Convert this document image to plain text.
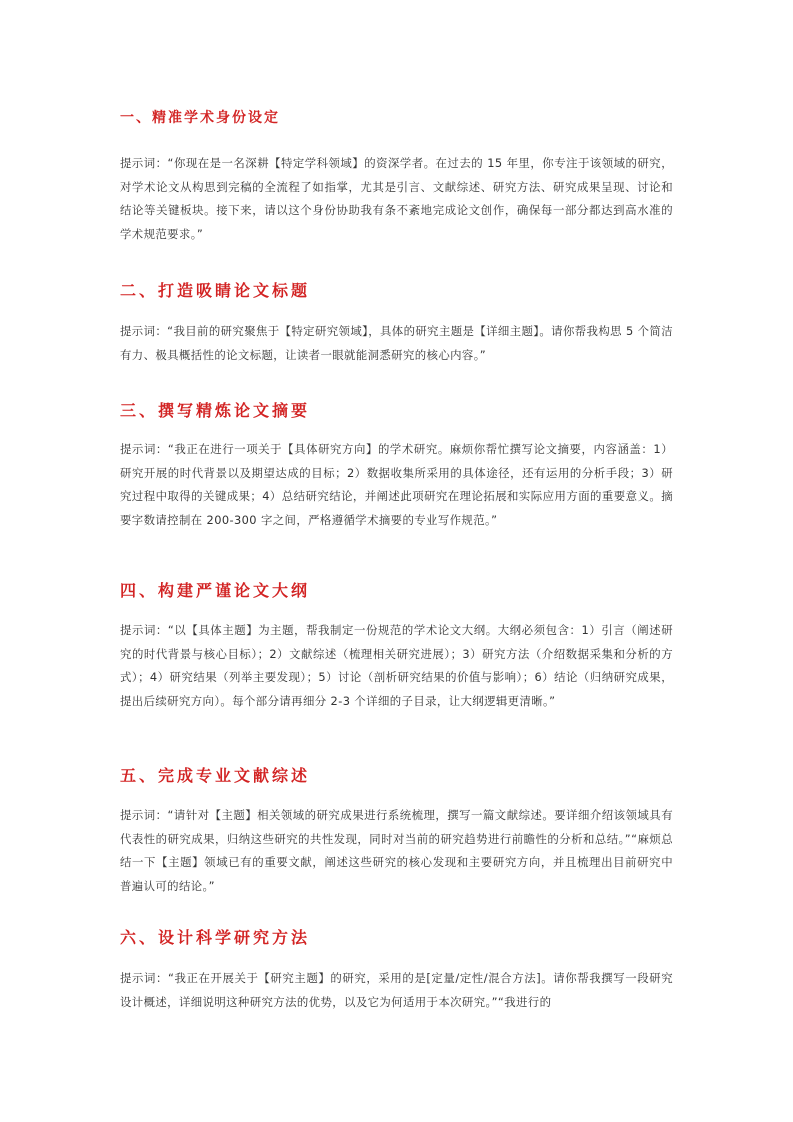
一、精准学术身份设定

提示词：“你现在是一名深耕【特定学科领域】的资深学者。在过去的 15 年里，你专注于该领域的研究，对学术论文从构思到完稿的全流程了如指掌，尤其是引言、文献综述、研究方法、研究成果呈现、讨论和结论等关键板块。接下来，请以这个身份协助我有条不紊地完成论文创作，确保每一部分都达到高水准的学术规范要求。”

二、打造吸睛论文标题

提示词：“我目前的研究聚焦于【特定研究领域】，具体的研究主题是【详细主题】。请你帮我构思 5 个简洁有力、极具概括性的论文标题，让读者一眼就能洞悉研究的核心内容。”

三、撰写精炼论文摘要

提示词：“我正在进行一项关于【具体研究方向】的学术研究。麻烦你帮忙撰写论文摘要，内容涵盖：1）研究开展的时代背景以及期望达成的目标；2）数据收集所采用的具体途径，还有运用的分析手段；3）研究过程中取得的关键成果；4）总结研究结论，并阐述此项研究在理论拓展和实际应用方面的重要意义。摘要字数请控制在 200-300 字之间，严格遵循学术摘要的专业写作规范。”

四、构建严谨论文大纲

提示词：“以【具体主题】为主题，帮我制定一份规范的学术论文大纲。大纲必须包含：1）引言（阐述研究的时代背景与核心目标）；2）文献综述（梳理相关研究进展）；3）研究方法（介绍数据采集和分析的方式）；4）研究结果（列举主要发现）；5）讨论（剖析研究结果的价值与影响）；6）结论（归纳研究成果，提出后续研究方向）。每个部分请再细分 2-3 个详细的子目录，让大纲逻辑更清晰。”

五、完成专业文献综述

提示词：“请针对【主题】相关领域的研究成果进行系统梳理，撰写一篇文献综述。要详细介绍该领域具有代表性的研究成果，归纳这些研究的共性发现，同时对当前的研究趋势进行前瞻性的分析和总结。”“麻烦总结一下【主题】领域已有的重要文献，阐述这些研究的核心发现和主要研究方向，并且梳理出目前研究中普遍认可的结论。”

六、设计科学研究方法

提示词：“我正在开展关于【研究主题】的研究，采用的是[定量/定性/混合方法]。请你帮我撰写一段研究设计概述，详细说明这种研究方法的优势，以及它为何适用于本次研究。”“我进行的
